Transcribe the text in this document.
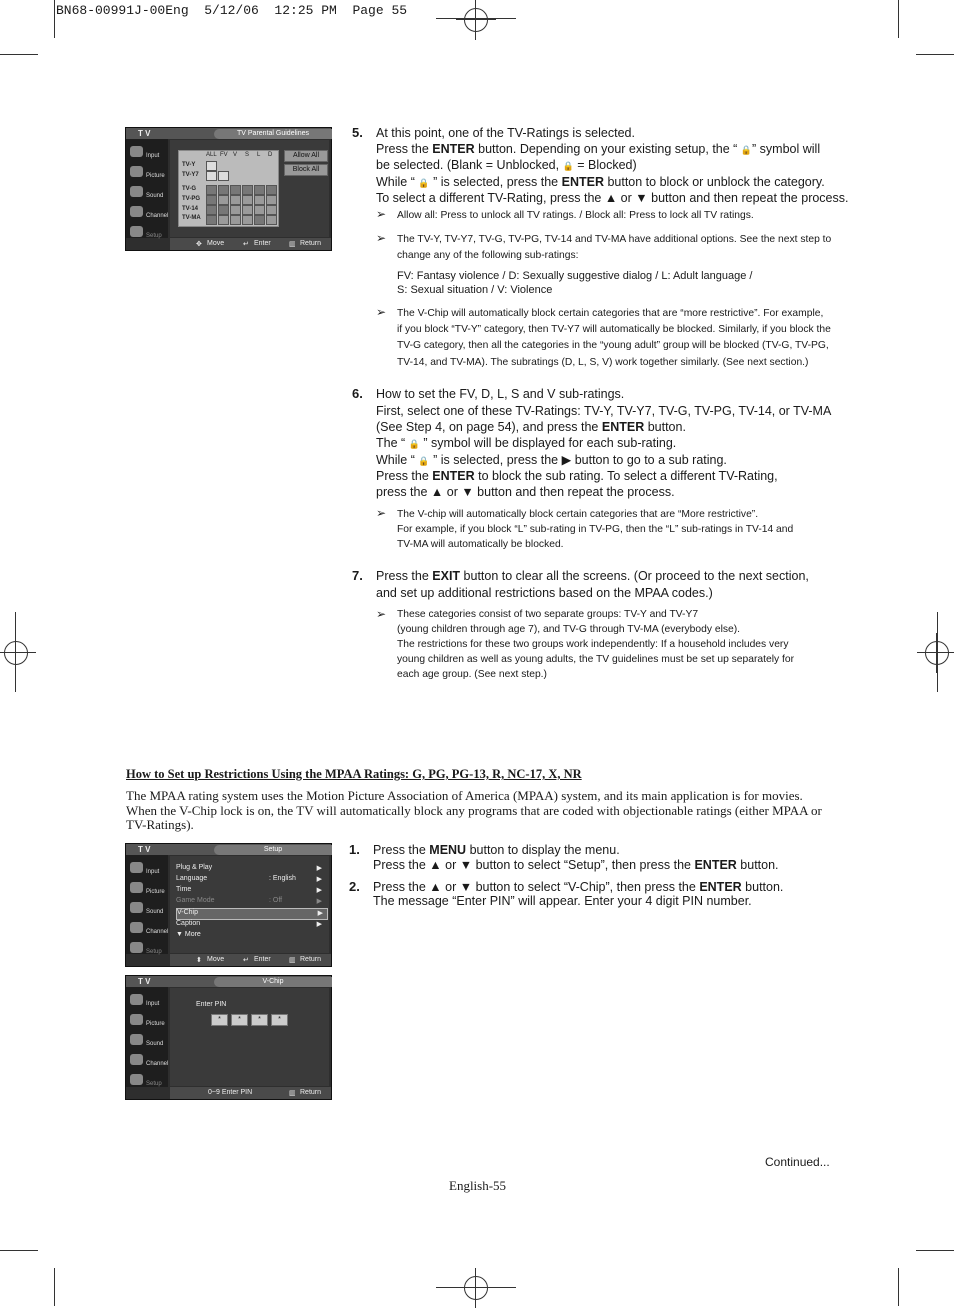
BN68-00991J-00Eng  5/12/06  12:25 PM  Page 55
T V	TV Parental Guidelines
Input
Picture
Sound
Channel
Setup
ALL FV V S L D
TV-Y
TV-Y7
TV-G
TV-PG
TV-14
TV-MA
Allow All
Block All
✥ Move	↵ Enter	▥ Return
5. At this point, one of the TV-Ratings is selected.
Press the ENTER button. Depending on your existing setup, the “ 🔒” symbol will
be selected. (Blank = Unblocked, 🔒 = Blocked)
While “ 🔒 ” is selected, press the ENTER button to block or unblock the category.
To select a different TV-Rating, press the ▲ or ▼ button and then repeat the process.
➢ Allow all: Press to unlock all TV ratings. / Block all: Press to lock all TV ratings.
➢ The TV-Y, TV-Y7, TV-G, TV-PG, TV-14 and TV-MA have additional options. See the next step to
change any of the following sub-ratings:
FV: Fantasy violence / D: Sexually suggestive dialog / L: Adult language /
S: Sexual situation / V: Violence
➢ The V-Chip will automatically block certain categories that are “more restrictive”. For example,
if you block “TV-Y” category, then TV-Y7 will automatically be blocked. Similarly, if you block the
TV-G category, then all the categories in the “young adult” group will be blocked (TV-G, TV-PG,
TV-14, and TV-MA). The subratings (D, L, S, V) work together similarly. (See next section.)
6. How to set the FV, D, L, S and V sub-ratings.
First, select one of these TV-Ratings: TV-Y, TV-Y7, TV-G, TV-PG, TV-14, or TV-MA
(See Step 4, on page 54), and press the ENTER button.
The “ 🔒 ” symbol will be displayed for each sub-rating.
While “ 🔒 ” is selected, press the ▶ button to go to a sub rating.
Press the ENTER to block the sub rating. To select a different TV-Rating,
press the ▲ or ▼ button and then repeat the process.
➢ The V-chip will automatically block certain categories that are “More restrictive”.
For example, if you block “L” sub-rating in TV-PG, then the “L” sub-ratings in TV-14 and
TV-MA will automatically be blocked.
7. Press the EXIT button to clear all the screens. (Or proceed to the next section,
and set up additional restrictions based on the MPAA codes.)
➢ These categories consist of two separate groups: TV-Y and TV-Y7
(young children through age 7), and TV-G through TV-MA (everybody else).
The restrictions for these two groups work independently: If a household includes very
young children as well as young adults, the TV guidelines must be set up separately for
each age group. (See next step.)
How to Set up Restrictions Using the MPAA Ratings: G, PG, PG-13, R, NC-17, X, NR
The MPAA rating system uses the Motion Picture Association of America (MPAA) system, and its main application is for movies. When the V-Chip lock is on, the TV will automatically block any programs that are coded with objectionable ratings (either MPAA or TV-Ratings).
T V	Setup
Input
Picture
Sound
Channel
Setup
Plug & Play	▶
Language	: English	▶
Time	▶
Game Mode	: Off	▶
V-Chip	▶
Caption	▶
▼ More
⬍ Move	↵ Enter	▥ Return
T V	V-Chip
Input
Picture
Sound
Channel
Setup
Enter PIN
*	*	*	*
0~9 Enter PIN	▥ Return
1. Press the MENU button to display the menu.
Press the ▲ or ▼ button to select “Setup”, then press the ENTER button.
2. Press the ▲ or ▼ button to select “V-Chip”, then press the ENTER button.
The message “Enter PIN” will appear. Enter your 4 digit PIN number.
Continued...
English-55
